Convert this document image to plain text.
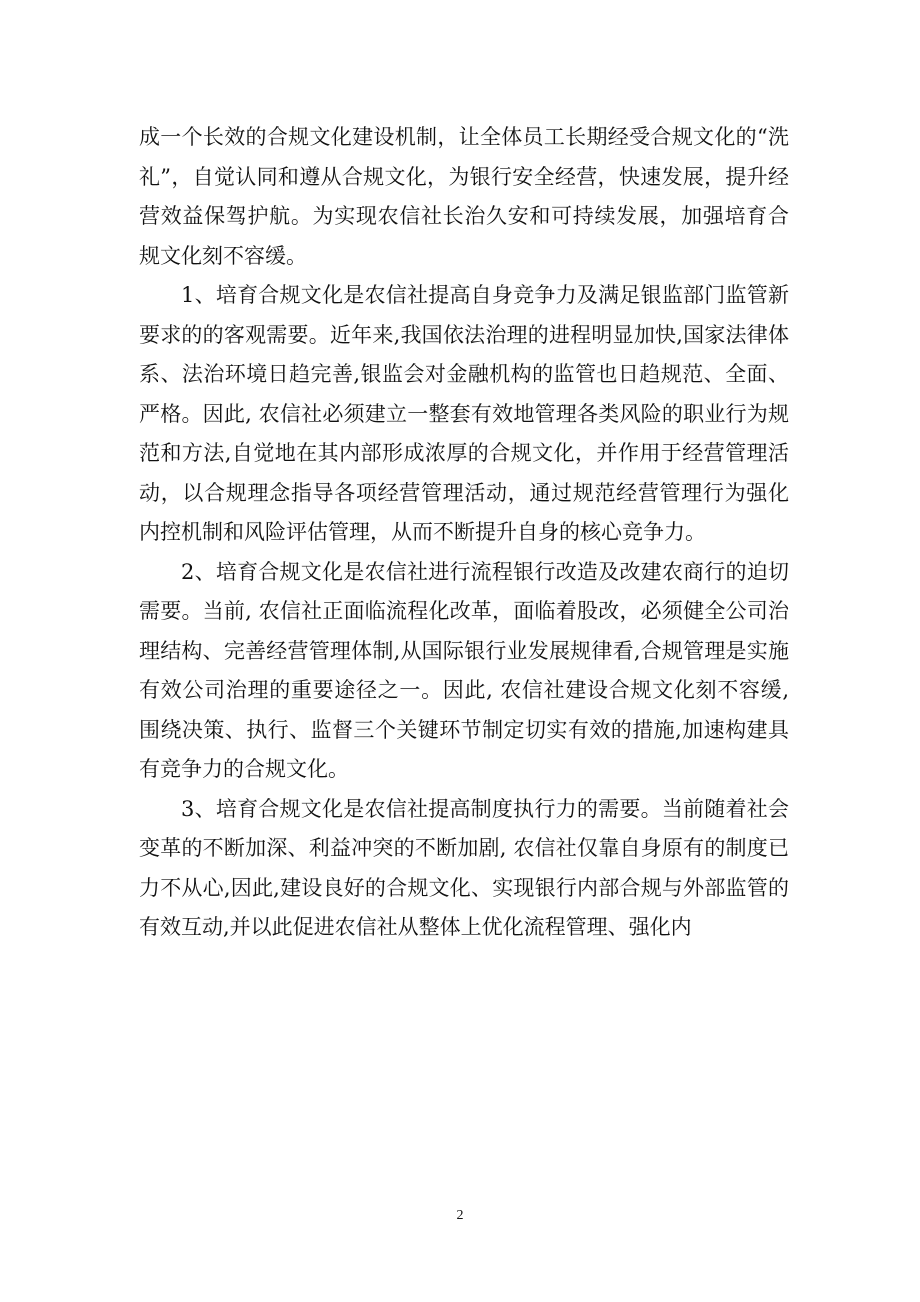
成一个长效的合规文化建设机制，让全体员工长期经受合规文化的“洗礼”，自觉认同和遵从合规文化，为银行安全经营，快速发展，提升经营效益保驾护航。为实现农信社长治久安和可持续发展，加强培育合规文化刻不容缓。

1、培育合规文化是农信社提高自身竞争力及满足银监部门监管新要求的的客观需要。近年来,我国依法治理的进程明显加快,国家法律体系、法治环境日趋完善,银监会对金融机构的监管也日趋规范、全面、严格。因此, 农信社必须建立一整套有效地管理各类风险的职业行为规范和方法,自觉地在其内部形成浓厚的合规文化，并作用于经营管理活动，以合规理念指导各项经营管理活动，通过规范经营管理行为强化内控机制和风险评估管理，从而不断提升自身的核心竞争力。

2、培育合规文化是农信社进行流程银行改造及改建农商行的迫切需要。当前, 农信社正面临流程化改革，面临着股改，必须健全公司治理结构、完善经营管理体制,从国际银行业发展规律看,合规管理是实施有效公司治理的重要途径之一。因此, 农信社建设合规文化刻不容缓,围绕决策、执行、监督三个关键环节制定切实有效的措施,加速构建具有竞争力的合规文化。

3、培育合规文化是农信社提高制度执行力的需要。当前随着社会变革的不断加深、利益冲突的不断加剧, 农信社仅靠自身原有的制度已力不从心,因此,建设良好的合规文化、实现银行内部合规与外部监管的有效互动,并以此促进农信社从整体上优化流程管理、强化内

2
